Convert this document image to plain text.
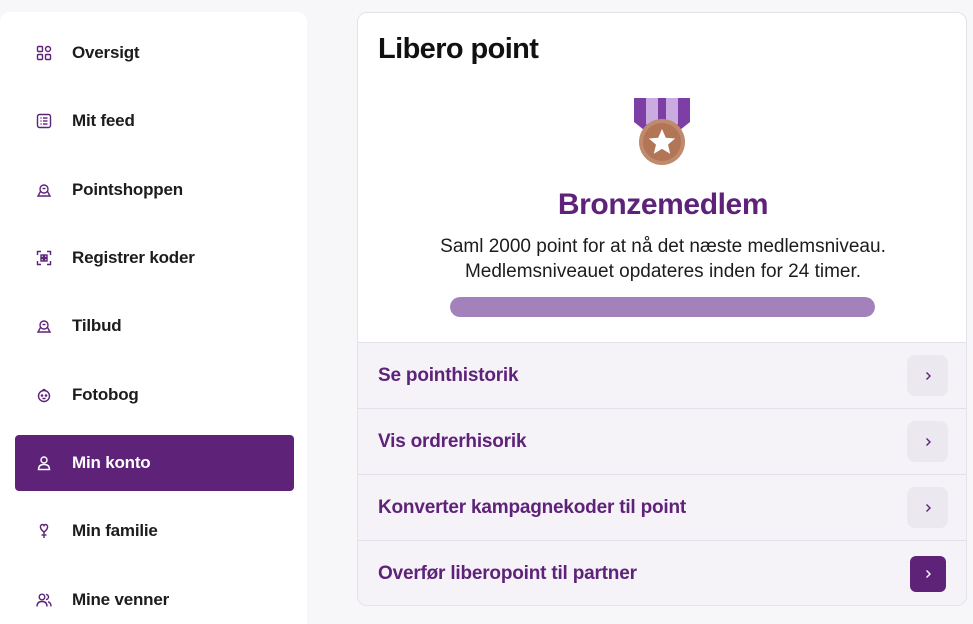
Oversigt
Mit feed
Pointshoppen
Registrer koder
Tilbud
Fotobog
Min konto
Min familie
Mine venner
Libero point
Bronzemedlem
Saml 2000 point for at nå det næste medlemsniveau.
Medlemsniveauet opdateres inden for 24 timer.
Se pointhistorik
Vis ordrerhisorik
Konverter kampagnekoder til point
Overfør liberopoint til partner
